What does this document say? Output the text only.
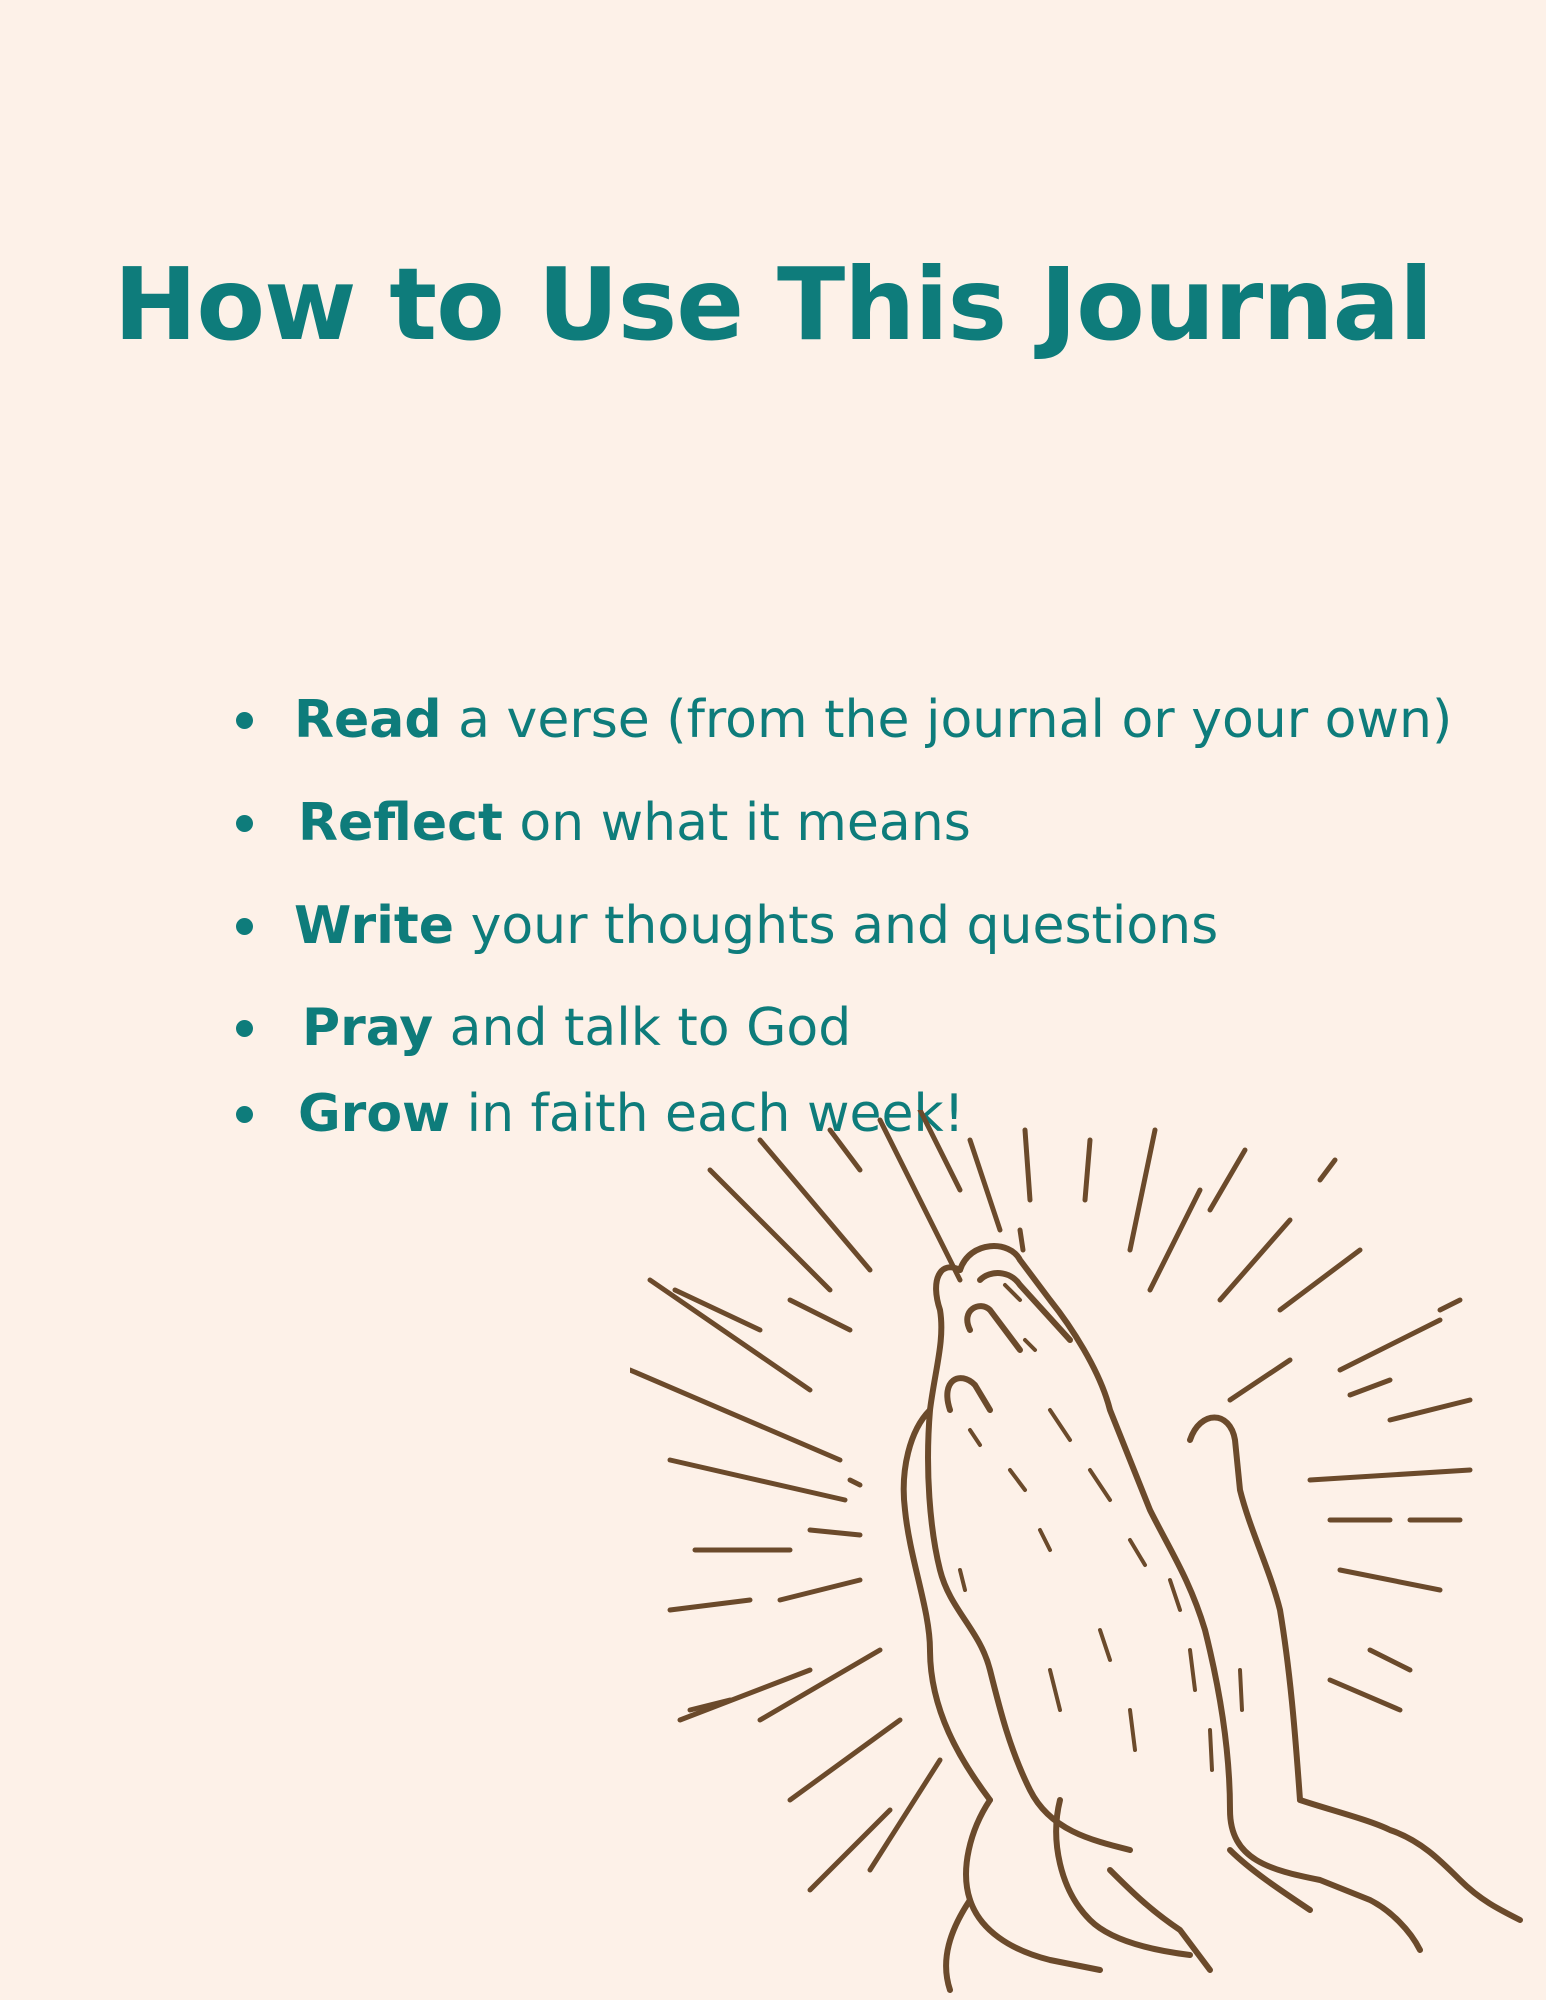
How to Use This Journal
Read a verse (from the journal or your own)
Reflect on what it means
Write your thoughts and questions
Pray and talk to God
Grow in faith each week!
